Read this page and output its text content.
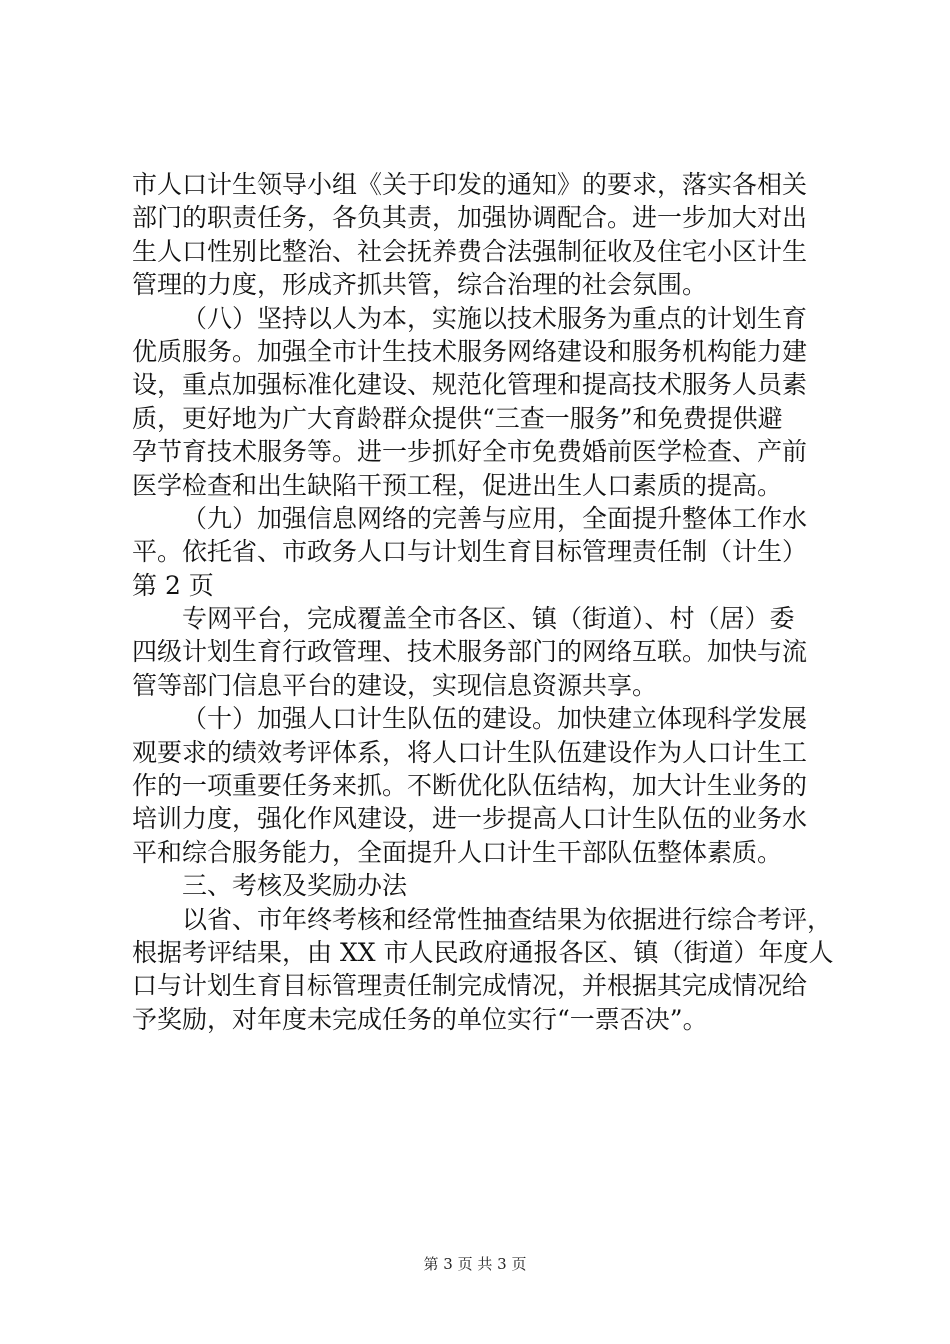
市人口计生领导小组《关于印发的通知》的要求，落实各相关
部门的职责任务，各负其责，加强协调配合。进一步加大对出
生人口性别比整治、社会抚养费合法强制征收及住宅小区计生
管理的力度，形成齐抓共管，综合治理的社会氛围。
（八）坚持以人为本，实施以技术服务为重点的计划生育
优质服务。加强全市计生技术服务网络建设和服务机构能力建
设，重点加强标准化建设、规范化管理和提高技术服务人员素
质，更好地为广大育龄群众提供“三查一服务”和免费提供避
孕节育技术服务等。进一步抓好全市免费婚前医学检查、产前
医学检查和出生缺陷干预工程，促进出生人口素质的提高。
（九）加强信息网络的完善与应用，全面提升整体工作水
平。依托省、市政务人口与计划生育目标管理责任制（计生）
第 2 页
专网平台，完成覆盖全市各区、镇（街道）、村（居）委
四级计划生育行政管理、技术服务部门的网络互联。加快与流
管等部门信息平台的建设，实现信息资源共享。
（十）加强人口计生队伍的建设。加快建立体现科学发展
观要求的绩效考评体系，将人口计生队伍建设作为人口计生工
作的一项重要任务来抓。不断优化队伍结构，加大计生业务的
培训力度，强化作风建设，进一步提高人口计生队伍的业务水
平和综合服务能力，全面提升人口计生干部队伍整体素质。
三、考核及奖励办法
以省、市年终考核和经常性抽查结果为依据进行综合考评，
根据考评结果，由 XX 市人民政府通报各区、镇（街道）年度人
口与计划生育目标管理责任制完成情况，并根据其完成情况给
予奖励，对年度未完成任务的单位实行“一票否决”。
第 3 页 共 3 页
